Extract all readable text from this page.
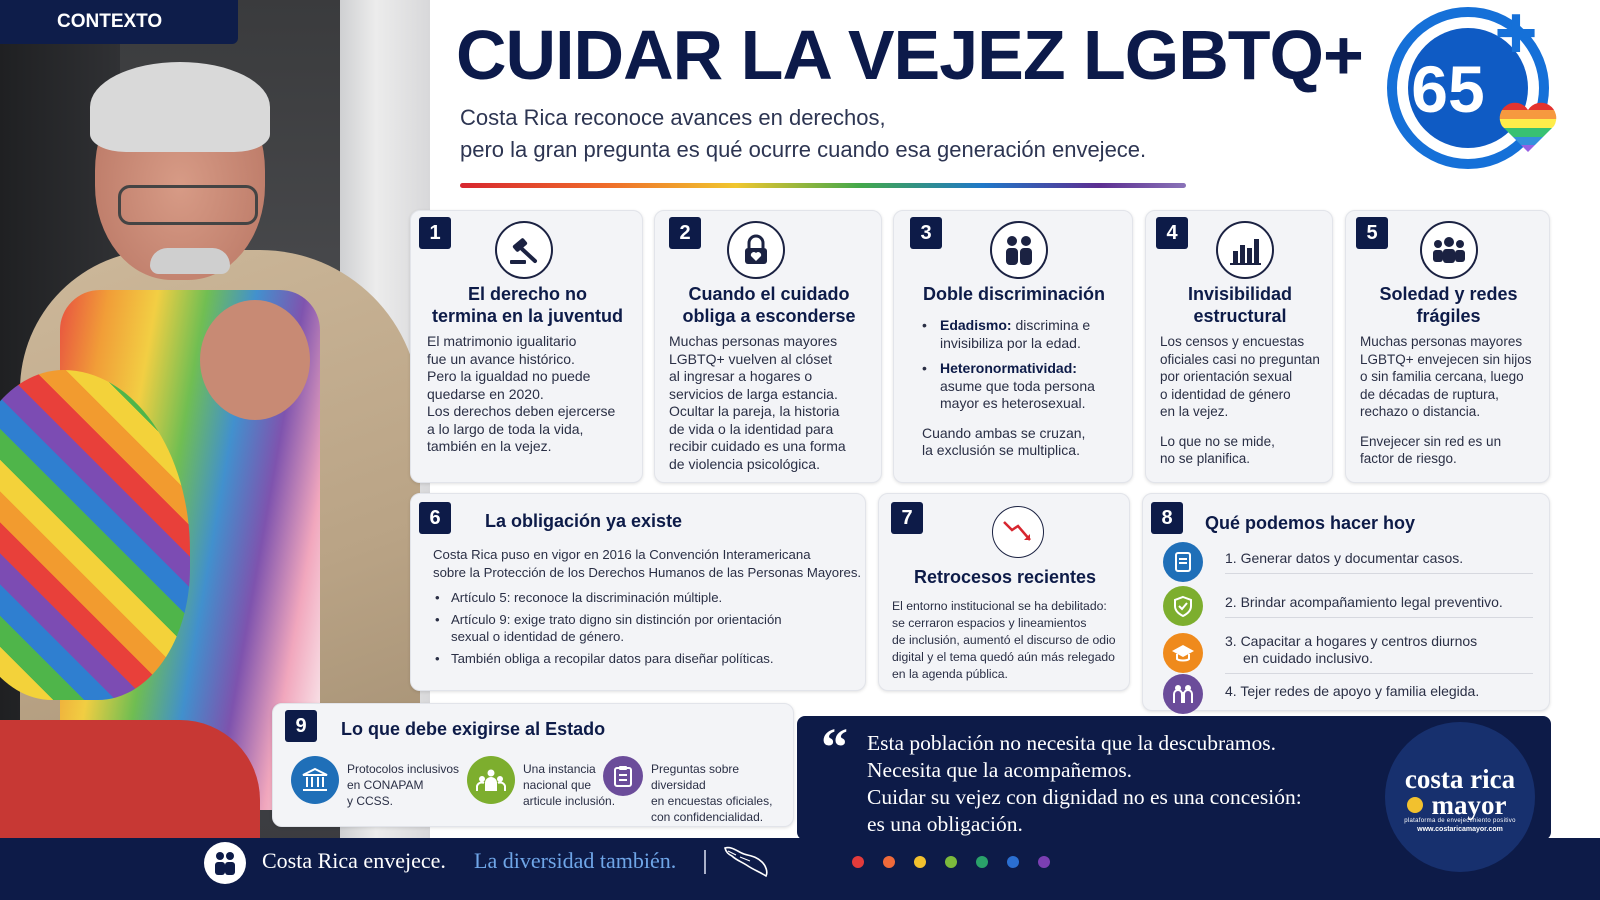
CONTEXTO	CUIDAR LA VEJEZ LGBTQ+
Costa Rica reconoce avances en derechos,
pero la gran pregunta es qué ocurre cuando esa generación envejece.
65
+
1
El derecho no
termina en la juventud
El matrimonio igualitario
fue un avance histórico.
Pero la igualdad no puede
quedarse en 2020.
Los derechos deben ejercerse
a lo largo de toda la vida,
también en la vejez.
2
Cuando el cuidado
obliga a esconderse
Muchas personas mayores
LGBTQ+ vuelven al clóset
al ingresar a hogares o
servicios de larga estancia.
Ocultar la pareja, la historia
de vida o la identidad para
recibir cuidado es una forma
de violencia psicológica.
3
Doble discriminación
• Edadismo: discrimina e
invisibiliza por la edad.
• Heteronormatividad:
asume que toda persona
mayor es heterosexual.
Cuando ambas se cruzan,
la exclusión se multiplica.
4
Invisibilidad
estructural
Los censos y encuestas
oficiales casi no preguntan
por orientación sexual
o identidad de género
en la vejez.
Lo que no se mide,
no se planifica.
5
Soledad y redes
frágiles
Muchas personas mayores
LGBTQ+ envejecen sin hijos
o sin familia cercana, luego
de décadas de ruptura,
rechazo o distancia.
Envejecer sin red es un
factor de riesgo.
6	La obligación ya existe
Costa Rica puso en vigor en 2016 la Convención Interamericana
sobre la Protección de los Derechos Humanos de las Personas Mayores.
• Artículo 5: reconoce la discriminación múltiple.
• Artículo 9: exige trato digno sin distinción por orientación
sexual o identidad de género.
• También obliga a recopilar datos para diseñar políticas.
7
Retrocesos recientes
El entorno institucional se ha debilitado:
se cerraron espacios y lineamientos
de inclusión, aumentó el discurso de odio
digital y el tema quedó aún más relegado
en la agenda pública.
8	Qué podemos hacer hoy
1. Generar datos y documentar casos.
2. Brindar acompañamiento legal preventivo.
3. Capacitar a hogares y centros diurnos
en cuidado inclusivo.
4. Tejer redes de apoyo y familia elegida.
9	Lo que debe exigirse al Estado
Protocolos inclusivos
en CONAPAM
y CCSS.
Una instancia
nacional que
articule inclusión.
Preguntas sobre diversidad
en encuestas oficiales,
con confidencialidad.
“ Esta población no necesita que la descubramos.
Necesita que la acompañemos.
Cuidar su vejez con dignidad no es una concesión:
es una obligación.
Costa Rica envejece. La diversidad también.
costa rica
mayor
plataforma de envejecimiento positivo
www.costaricamayor.com
